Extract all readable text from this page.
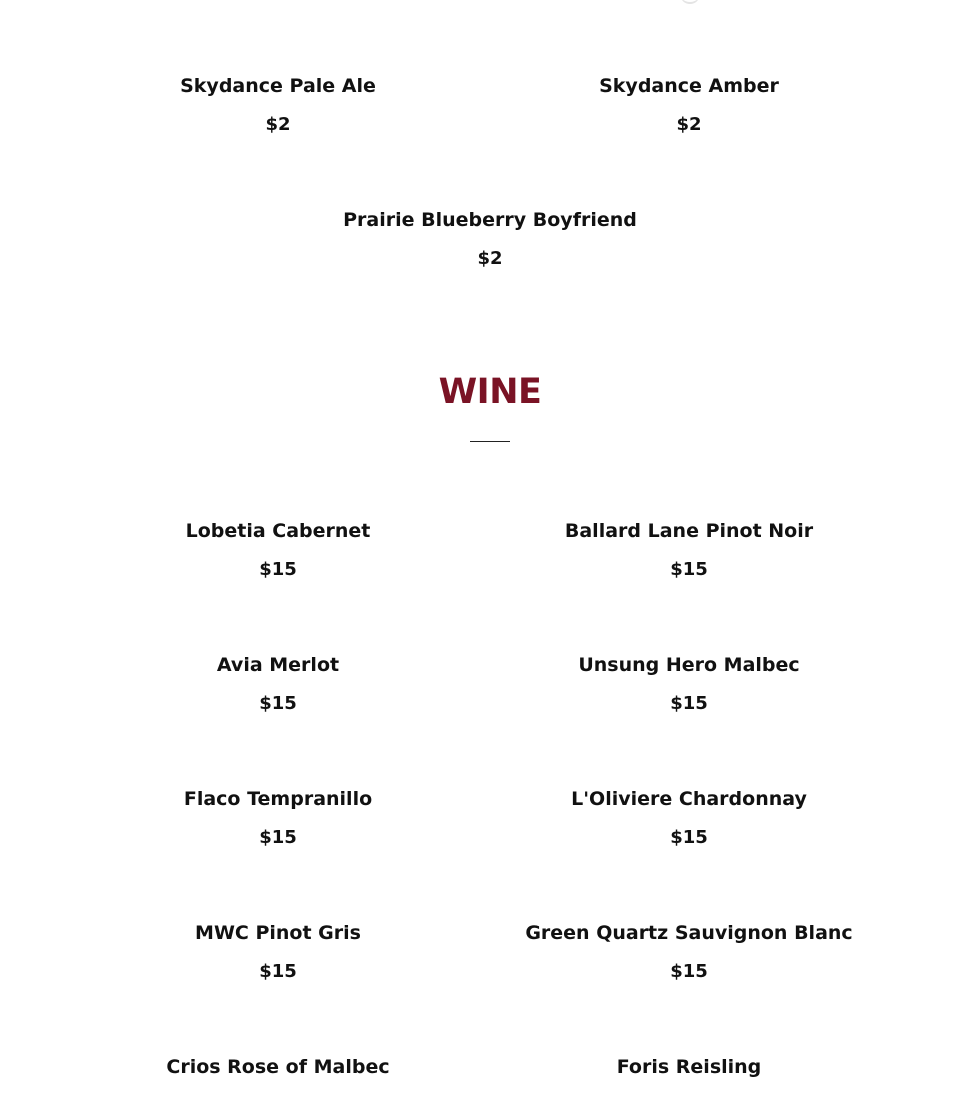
Skydance Pale Ale
$2
Skydance Amber
$2
Prairie Blueberry Boyfriend
$2
WINE
Lobetia Cabernet
$15
Ballard Lane Pinot Noir
$15
Avia Merlot
$15
Unsung Hero Malbec
$15
Flaco Tempranillo
$15
L'Oliviere Chardonnay
$15
MWC Pinot Gris
$15
Green Quartz Sauvignon Blanc
$15
Crios Rose of Malbec	Foris Reisling
